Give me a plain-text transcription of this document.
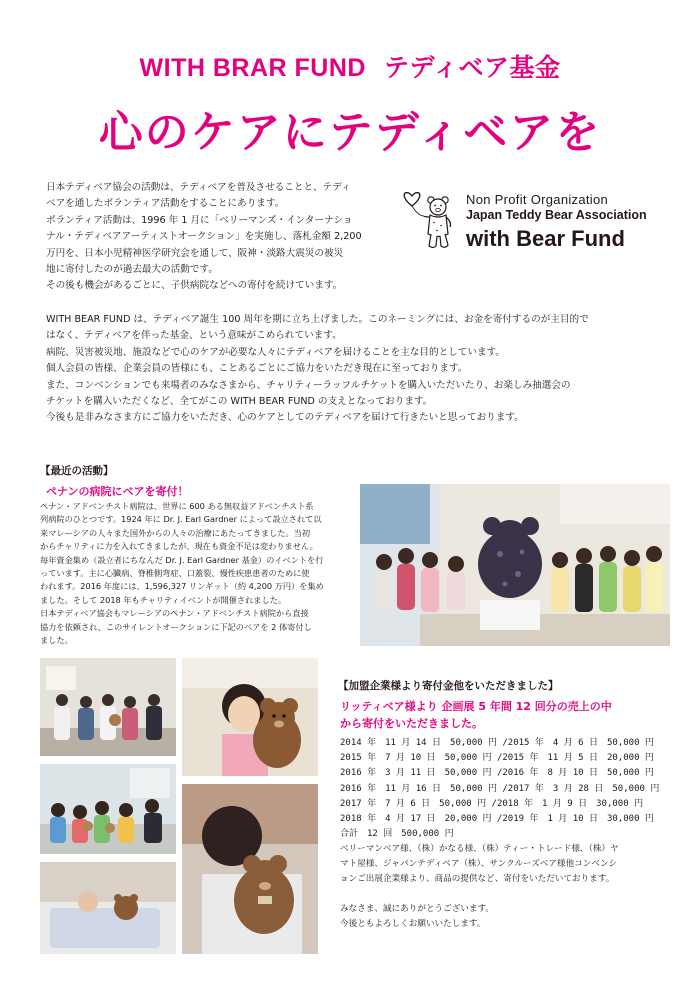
WITH BRAR FUND テディベア基金
心のケアにテディベアを

日本テディベア協会の活動は、テディベアを普及させることと、テディ

ベアを通したボランティア活動をすることにあります。

ボランティア活動は、1996 年 1 月に「ベリーマンズ・インターナショ

ナル・テディベアアーティストオークション」を実施し、落札金額 2,200

万円を、日本小児精神医学研究会を通して、阪神・淡路大震災の被災

地に寄付したのが過去最大の活動です。

その後も機会があるごとに、子供病院などへの寄付を続けています。

Non Profit Organization
Japan Teddy Bear Association
with Bear Fund

WITH BEAR FUND は、テディベア誕生 100 周年を期に立ち上げました。このネーミングには、お金を寄付するのが主目的で

はなく、テディベアを伴った基金、という意味がこめられています。

病院、災害被災地、施設などで心のケアが必要な人々にテディベアを届けることを主な目的としています。

個人会員の皆様、企業会員の皆様にも、ことあるごとにご協力をいただき現在に至っております。

また、コンベンションでも来場者のみなさまから、チャリティーラッフルチケットを購入いただいたり、お楽しみ抽選会の

チケットを購入いただくなど、全てがこの WITH BEAR FUND の支えとなっております。

今後も是非みなさま方にご協力をいただき、心のケアとしてのテディベアを届けて行きたいと思っております。

【最近の活動】
ペナンの病院にベアを寄付！

ペナン・アドベンチスト病院は、世界に 600 ある無収益アドベンチスト系

列病院のひとつです。1924 年に Dr. J. Earl Gardner によって設立されて以

来マレーシアの人々また国外からの人々の治療にあたってきました。当初

からチャリティに力を入れてきましたが、現在も資金不足は変わりません。

毎年資金集め（設立者にちなんだ Dr. J. Earl Gardner 基金）のイベントを行

っています。主に心臓病、脊椎側弯症、口蓋裂、慢性疾患患者のために使

われます。2016 年度には、1,596,327 リンギット（約 4,200 万円）を集め

ました。そして 2018 年もチャリティイベントが開催されました。

日本テディベア協会もマレーシアのペナン・アドベンチスト病院から直接

協力を依頼され、このサイレントオークションに下記のベアを 2 体寄付し

ました。

【加盟企業様より寄付金他をいただきました】
リッティベア様より 企画展 5 年間 12 回分の売上の中
から寄付をいただきました。
2014 年　11 月 14 日　50,000 円 /2015 年　4 月 6 日　50,000 円
2015 年　7 月 10 日　50,000 円 /2015 年　11 月 5 日　20,000 円
2016 年　3 月 11 日　50,000 円 /2016 年　8 月 10 日　50,000 円
2016 年　11 月 16 日　50,000 円 /2017 年　3 月 28 日　50,000 円
2017 年　7 月 6 日　50,000 円 /2018 年　1 月 9 日　30,000 円
2018 年　4 月 17 日　20,000 円 /2019 年　1 月 10 日　30,000 円
合計　12 回　500,000 円

ベリーマンベア様、（株）かなる様、（株）ティー・トレード様、（株）ヤ

マト屋様、ジャパンテディベア（株）、サンクルーズベア様他コンベンシ

ョンご出展企業様より、商品の提供など、寄付をいただいております。

みなさま、誠にありがとうございます。

今後ともよろしくお願いいたします。
